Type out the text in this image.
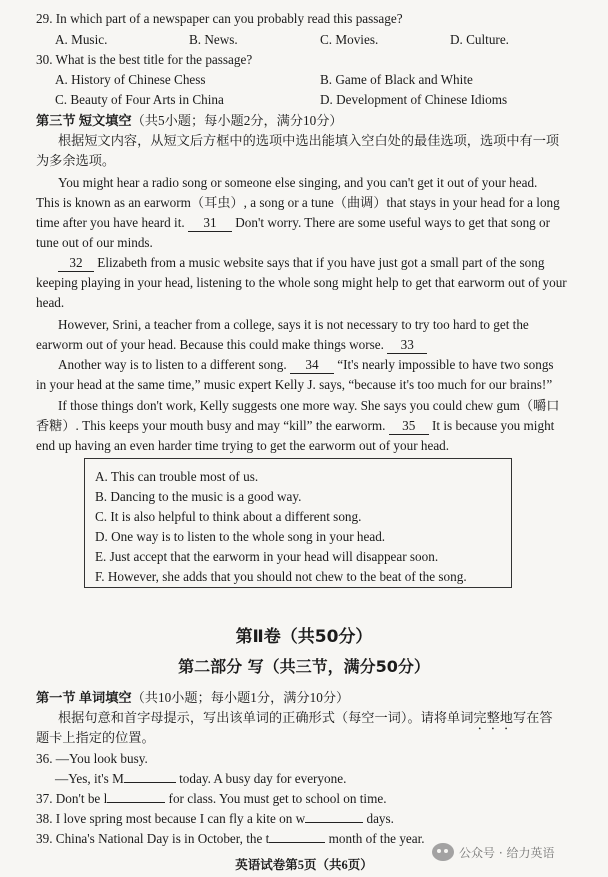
29. In which part of a newspaper can you probably read this passage?
A. Music.	B. News.	C. Movies.	D. Culture.
30. What is the best title for the passage?
A. History of Chinese Chess	B. Game of Black and White
C. Beauty of Four Arts in China	D. Development of Chinese Idioms
第三节 短文填空（共5小题；每小题2分，满分10分）
根据短文内容，从短文后方框中的选项中选出能填入空白处的最佳选项，选项中有一项
为多余选项。
You might hear a radio song or someone else singing, and you can't get it out of your head.
This is known as an earworm（耳虫）, a song or a tune（曲调）that stays in your head for a long
time after you have heard it. 31 Don't worry. There are some useful ways to get that song or
tune out of our minds.
32 Elizabeth from a music website says that if you have just got a small part of the song
keeping playing in your head, listening to the whole song might help to get that earworm out of your
head.
However, Srini, a teacher from a college, says it is not necessary to try too hard to get the
earworm out of your head. Because this could make things worse. 33
Another way is to listen to a different song. 34 “It's nearly impossible to have two songs
in your head at the same time,” music expert Kelly J. says, “because it's too much for our brains!”
If those things don't work, Kelly suggests one more way. She says you could chew gum（嚼口
香糖）. This keeps your mouth busy and may “kill” the earworm. 35 It is because you might
end up having an even harder time trying to get the earworm out of your head.
A. This can trouble most of us.
B. Dancing to the music is a good way.
C. It is also helpful to think about a different song.
D. One way is to listen to the whole song in your head.
E. Just accept that the earworm in your head will disappear soon.
F. However, she adds that you should not chew to the beat of the song.
第Ⅱ卷（共50分）
第二部分 写（共三节，满分50分）
第一节 单词填空（共10小题；每小题1分，满分10分）
根据句意和首字母提示，写出该单词的正确形式（每空一词）。请将单词完整地写在答
题卡上指定的位置。
36. —You look busy.
—Yes, it's M	today. A busy day for everyone.
37. Don't be l	for class. You must get to school on time.
38. I love spring most because I can fly a kite on w	days.
39. China's National Day is in October, the t	month of the year.
英语试卷第5页（共6页）
公众号 · 给力英语
